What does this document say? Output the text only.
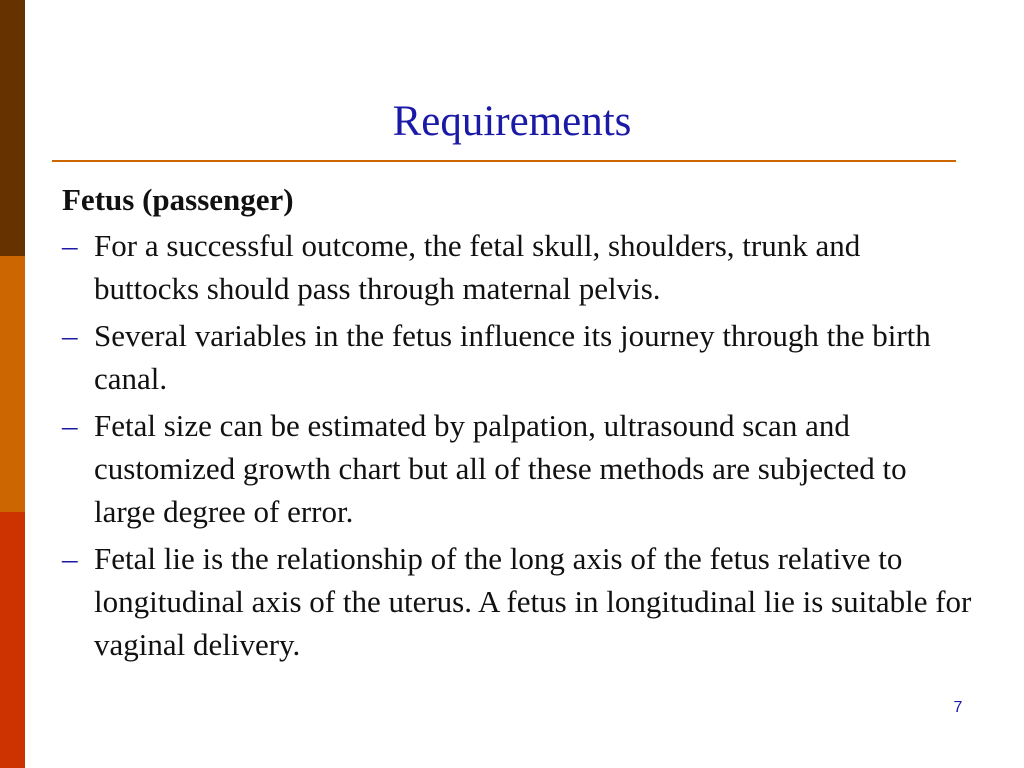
Requirements
Fetus (passenger)
– For a successful outcome, the fetal skull, shoulders, trunk and buttocks should pass through maternal pelvis.
– Several variables in the fetus influence its journey through the birth canal.
– Fetal size can be estimated by palpation, ultrasound scan and customized growth chart but all of these methods are subjected to large degree of error.
– Fetal lie is the relationship of the long axis of the fetus relative to longitudinal axis of the uterus. A fetus in longitudinal lie is suitable for vaginal delivery.
7
